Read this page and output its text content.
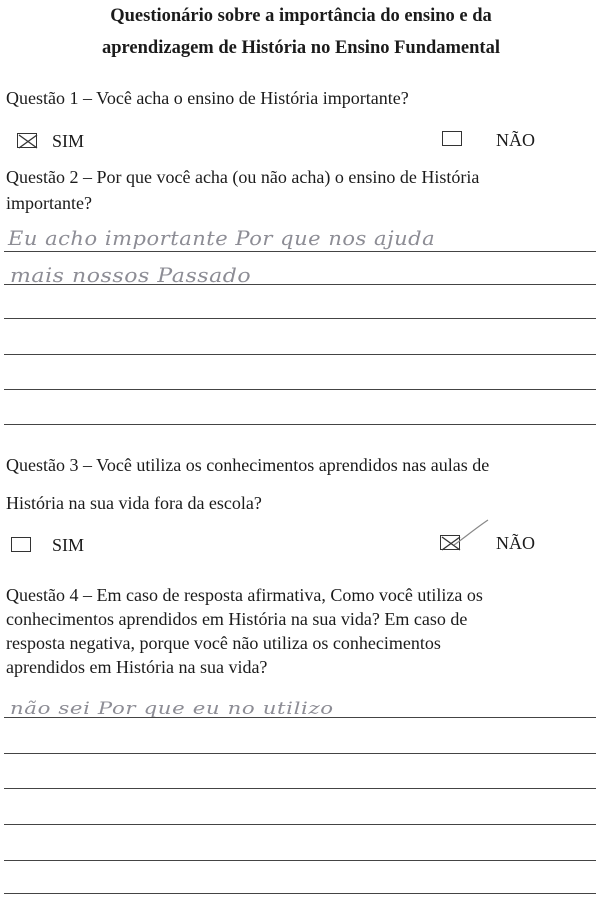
Questionário sobre a importância do ensino e da
aprendizagem de História no Ensino Fundamental
Questão 1 – Você acha o ensino de História importante?
SIM	NÃO
Questão 2 – Por que você acha (ou não acha) o ensino de História
importante?
Eu acho importante Por que nos ajuda
mais nossos Passado
Questão 3 – Você utiliza os conhecimentos aprendidos nas aulas de
História na sua vida fora da escola?
SIM	NÃO
Questão 4 – Em caso de resposta afirmativa, Como você utiliza os
conhecimentos aprendidos em História na sua vida? Em caso de
resposta negativa, porque você não utiliza os conhecimentos
aprendidos em História na sua vida?
não sei Por que eu no utilizo
